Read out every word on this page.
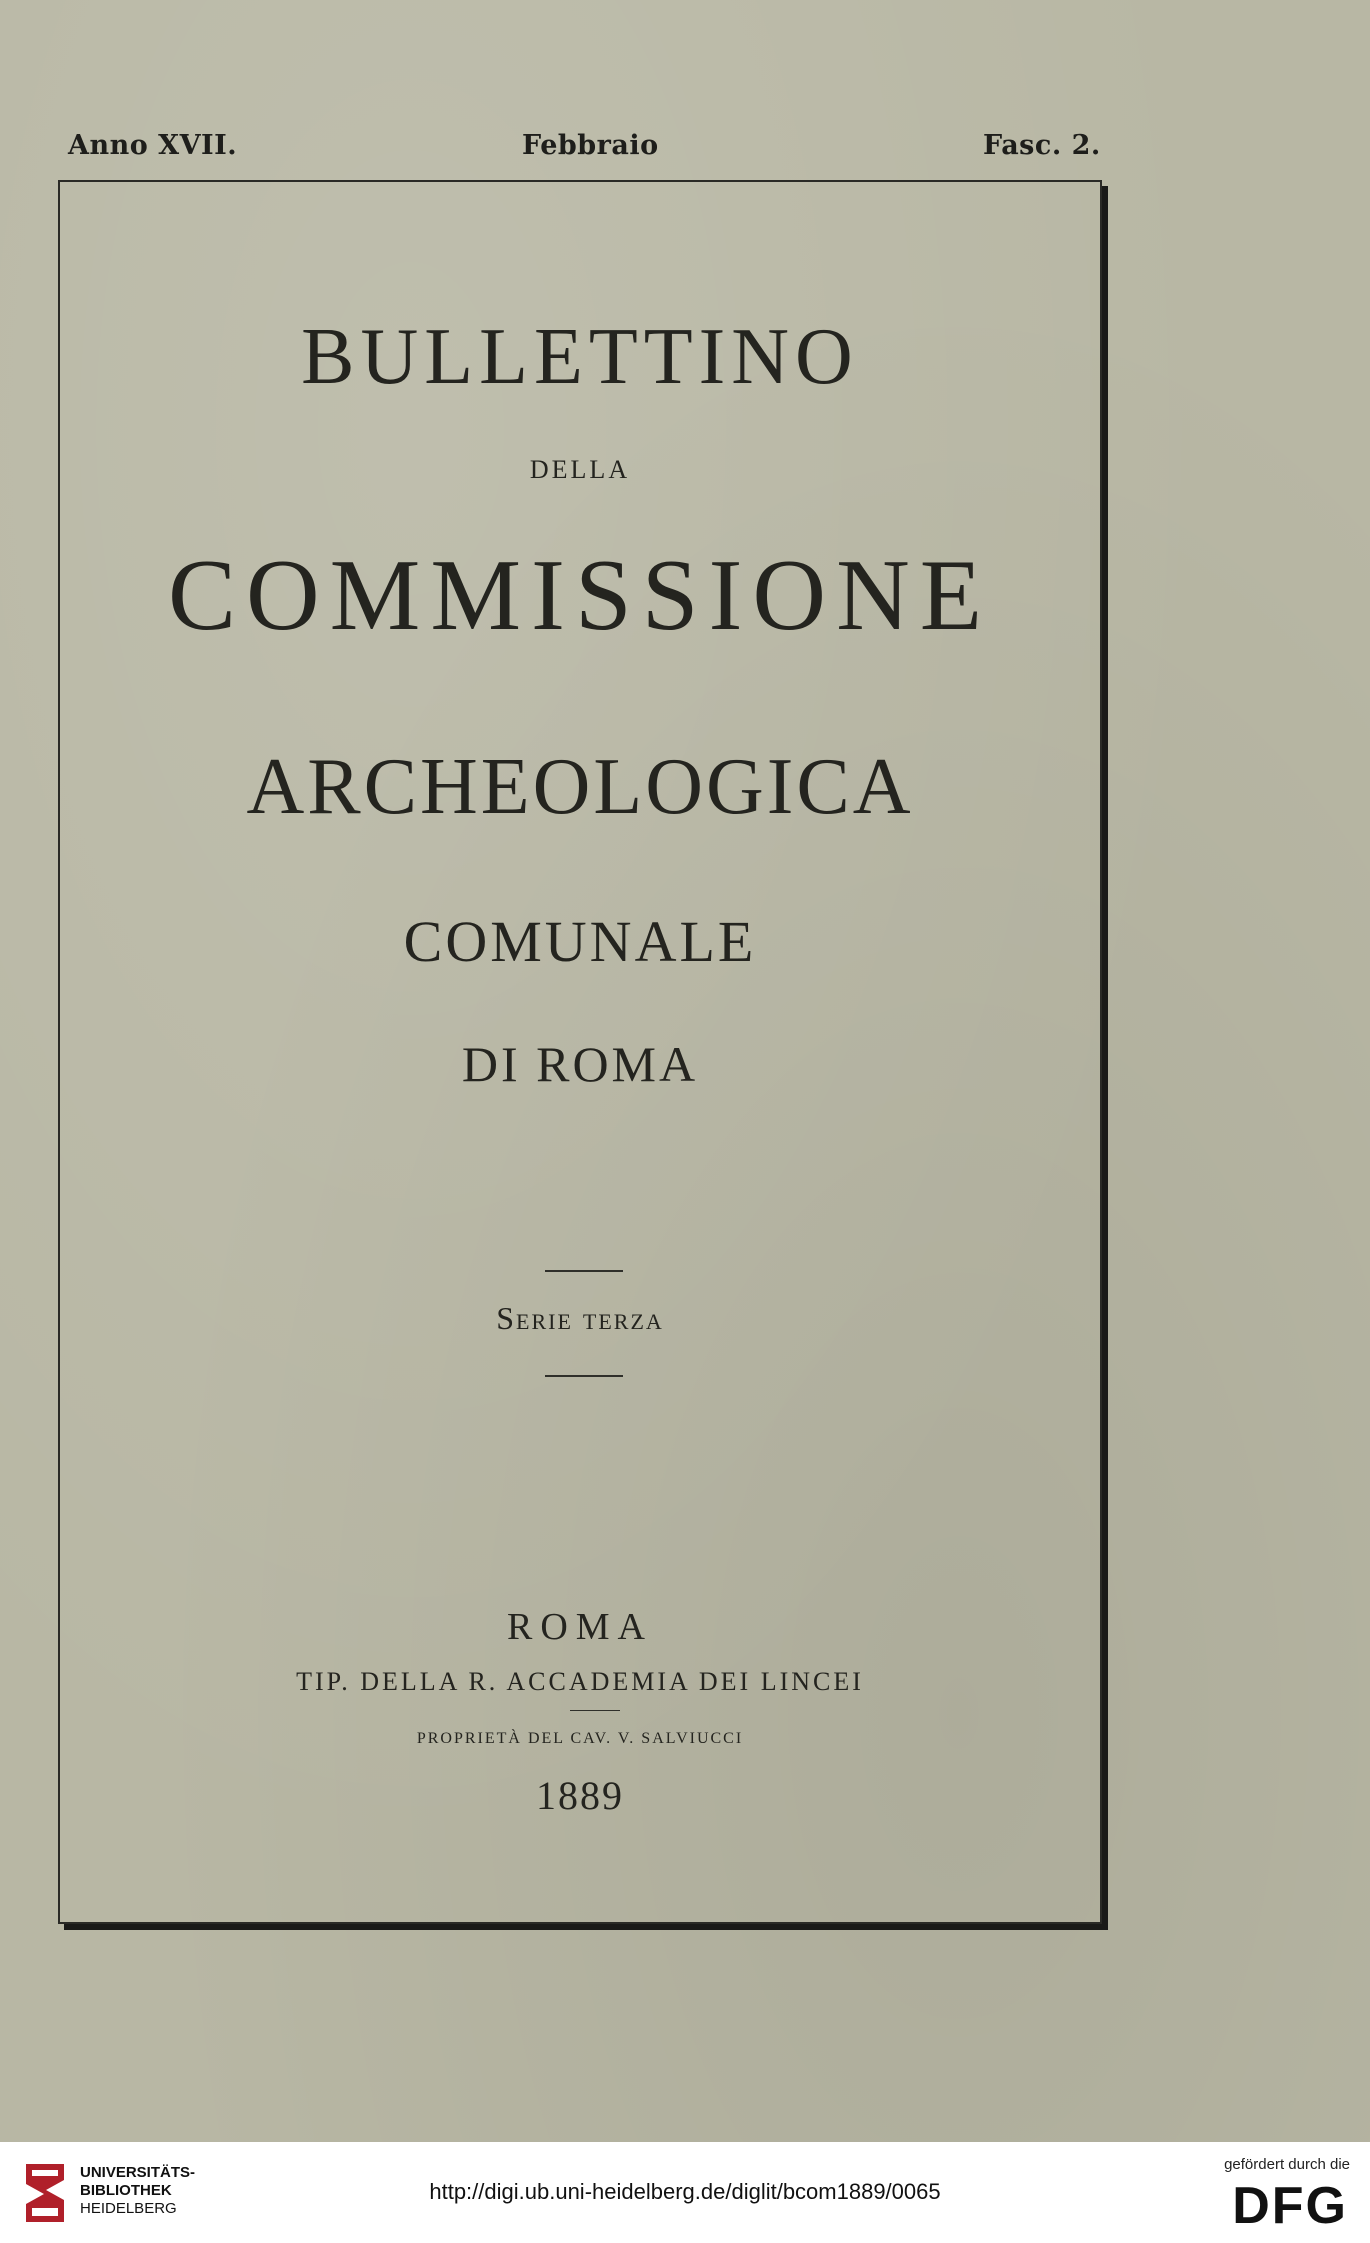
Anno XVII.	Febbraio	Fasc. 2.
BULLETTINO
DELLA
COMMISSIONE
ARCHEOLOGICA
COMUNALE
DI ROMA
Serie terza
ROMA
TIP. DELLA R. ACCADEMIA DEI LINCEI
PROPRIETÀ DEL CAV. V. SALVIUCCI
1889
UNIVERSITÄTS-
BIBLIOTHEK
HEIDELBERG
http://digi.ub.uni-heidelberg.de/diglit/bcom1889/0065
gefördert durch die
DFG
